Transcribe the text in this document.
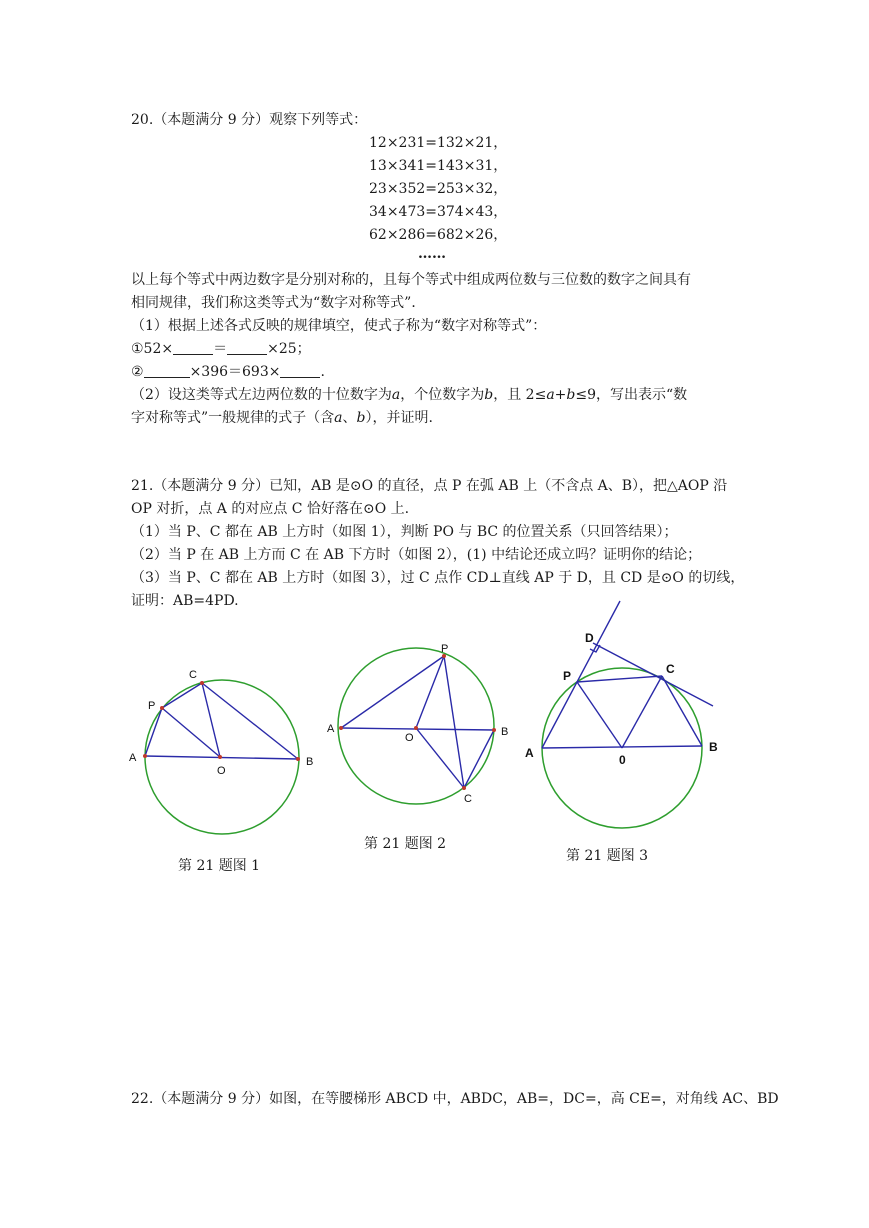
20.（本题满分 9 分）观察下列等式：
12×231=132×21，
13×341=143×31，
23×352=253×32，
34×473=374×43，
62×286=682×26，
……
以上每个等式中两边数字是分别对称的，且每个等式中组成两位数与三位数的数字之间具有
相同规律，我们称这类等式为“数字对称等式”．
（1）根据上述各式反映的规律填空，使式子称为“数字对称等式”：
①52×	＝	×25；
②	×396＝693×	.
（2）设这类等式左边两位数的十位数字为a，个位数字为b，且 2≤a+b≤9，写出表示“数
字对称等式”一般规律的式子（含a、b），并证明.
21.（本题满分 9 分）已知，AB 是⊙O 的直径，点 P 在弧 AB 上（不含点 A、B），把△AOP 沿
OP 对折，点 A 的对应点 C 恰好落在⊙O 上.
（1）当 P、C 都在 AB 上方时（如图 1），判断 PO 与 BC 的位置关系（只回答结果）；
（2）当 P 在 AB 上方而 C 在 AB 下方时（如图 2），(1) 中结论还成立吗？证明你的结论；
（3）当 P、C 都在 AB 上方时（如图 3），过 C 点作 CD⊥直线 AP 于 D，且 CD 是⊙O 的切线，
证明：AB=4PD.
A	B
O
P
C
第 21 题图 1
A	B
O
P
C
第 21 题图 2
A	B
0
P	C
D
第 21 题图 3
22.（本题满分 9 分）如图，在等腰梯形 ABCD 中，ABDC，AB=，DC=，高 CE=，对角线 AC、BD
